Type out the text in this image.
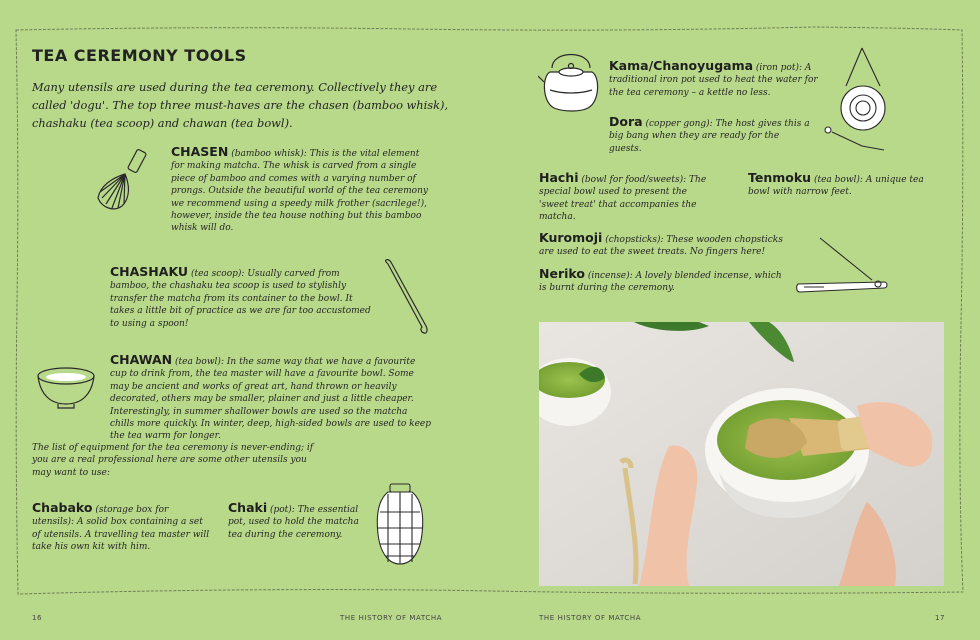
TEA CEREMONY TOOLS
Many utensils are used during the tea ceremony. Collectively they are called 'dogu'. The top three must-haves are the chasen (bamboo whisk), chashaku (tea scoop) and chawan (tea bowl).
CHASEN (bamboo whisk): This is the vital element for making matcha. The whisk is carved from a single piece of bamboo and comes with a varying number of prongs. Outside the beautiful world of the tea ceremony we recommend using a speedy milk frother (sacrilege!), however, inside the tea house nothing but this bamboo whisk will do.
CHASHAKU (tea scoop): Usually carved from bamboo, the chashaku tea scoop is used to stylishly transfer the matcha from its container to the bowl. It takes a little bit of practice as we are far too accustomed to using a spoon!
CHAWAN (tea bowl): In the same way that we have a favourite cup to drink from, the tea master will have a favourite bowl. Some may be ancient and works of great art, hand thrown or heavily decorated, others may be smaller, plainer and just a little cheaper. Interestingly, in summer shallower bowls are used so the matcha chills more quickly. In winter, deep, high-sided bowls are used to keep the tea warm for longer.
The list of equipment for the tea ceremony is never-ending; if you are a real professional here are some other utensils you may want to use:
Chabako (storage box for utensils): A solid box containing a set of utensils. A travelling tea master will take his own kit with him.
Chaki (pot): The essential pot, used to hold the matcha tea during the ceremony.
16	THE HISTORY OF MATCHA
Kama/Chanoyugama (iron pot): A traditional iron pot used to heat the water for the tea ceremony – a kettle no less.
Dora (copper gong): The host gives this a big bang when they are ready for the guests.
Hachi (bowl for food/sweets): The special bowl used to present the 'sweet treat' that accompanies the matcha.
Tenmoku (tea bowl): A unique tea bowl with narrow feet.
Kuromoji (chopsticks): These wooden chopsticks are used to eat the sweet treats. No fingers here!
Neriko (incense): A lovely blended incense, which is burnt during the ceremony.
THE HISTORY OF MATCHA	17
